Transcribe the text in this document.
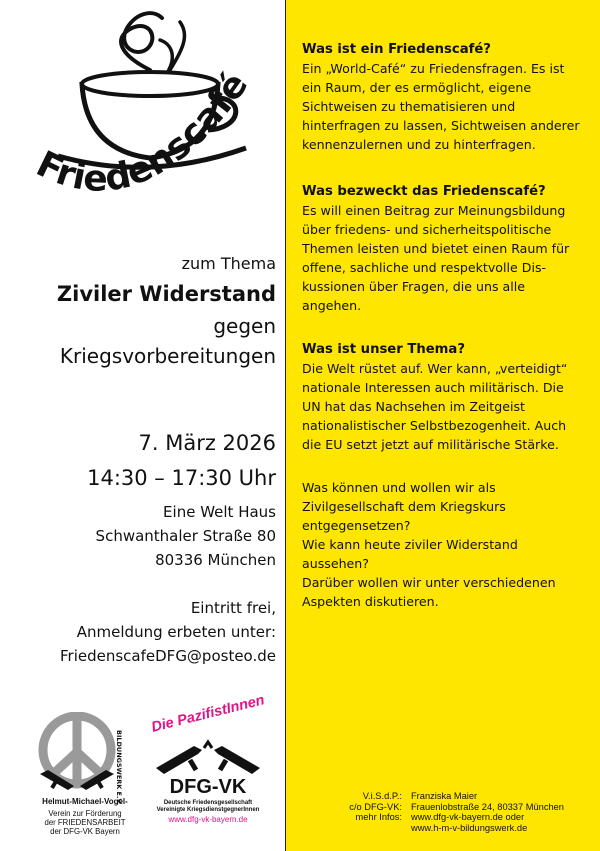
Friedenscafé
zum Thema
Ziviler Widerstand
gegen
Kriegsvorbereitungen
7. März 2026
14:30 – 17:30 Uhr
Eine Welt Haus
Schwanthaler Straße 80
80336 München
Eintritt frei,
Anmeldung erbeten unter:
FriedenscafeDFG@posteo.de
BILDUNGSWERK E.V.
Helmut-Michael-Vogel-
Verein zur Förderung
der FRIEDENSARBEIT
der DFG-VK Bayern
Die PazifistInnen
DFG-VK
Deutsche Friedensgesellschaft
Vereinigte KriegsdienstgegnerInnen
www.dfg-vk-bayern.de
Was ist ein Friedenscafé?
Ein „World-Café“ zu Friedensfragen. Es ist
ein Raum, der es ermöglicht, eigene
Sichtweisen zu thematisieren und
hinterfragen zu lassen, Sichtweisen anderer
kennenzulernen und zu hinterfragen.
Was bezweckt das Friedenscafé?
Es will einen Beitrag zur Meinungsbildung
über friedens- und sicherheitspolitische
Themen leisten und bietet einen Raum für
offene, sachliche und respektvolle Dis-
kussionen über Fragen, die uns alle
angehen.
Was ist unser Thema?
Die Welt rüstet auf. Wer kann, „verteidigt“
nationale Interessen auch militärisch. Die
UN hat das Nachsehen im Zeitgeist
nationalistischer Selbstbezogenheit. Auch
die EU setzt jetzt auf militärische Stärke.
Was können und wollen wir als
Zivilgesellschaft dem Kriegskurs
entgegensetzen?
Wie kann heute ziviler Widerstand
aussehen?
Darüber wollen wir unter verschiedenen
Aspekten diskutieren.
V.i.S.d.P.:
c/o DFG-VK:
mehr Infos:
Franziska Maier
Frauenlobstraße 24, 80337 München
www.dfg-vk-bayern.de oder
www.h-m-v-bildungswerk.de
